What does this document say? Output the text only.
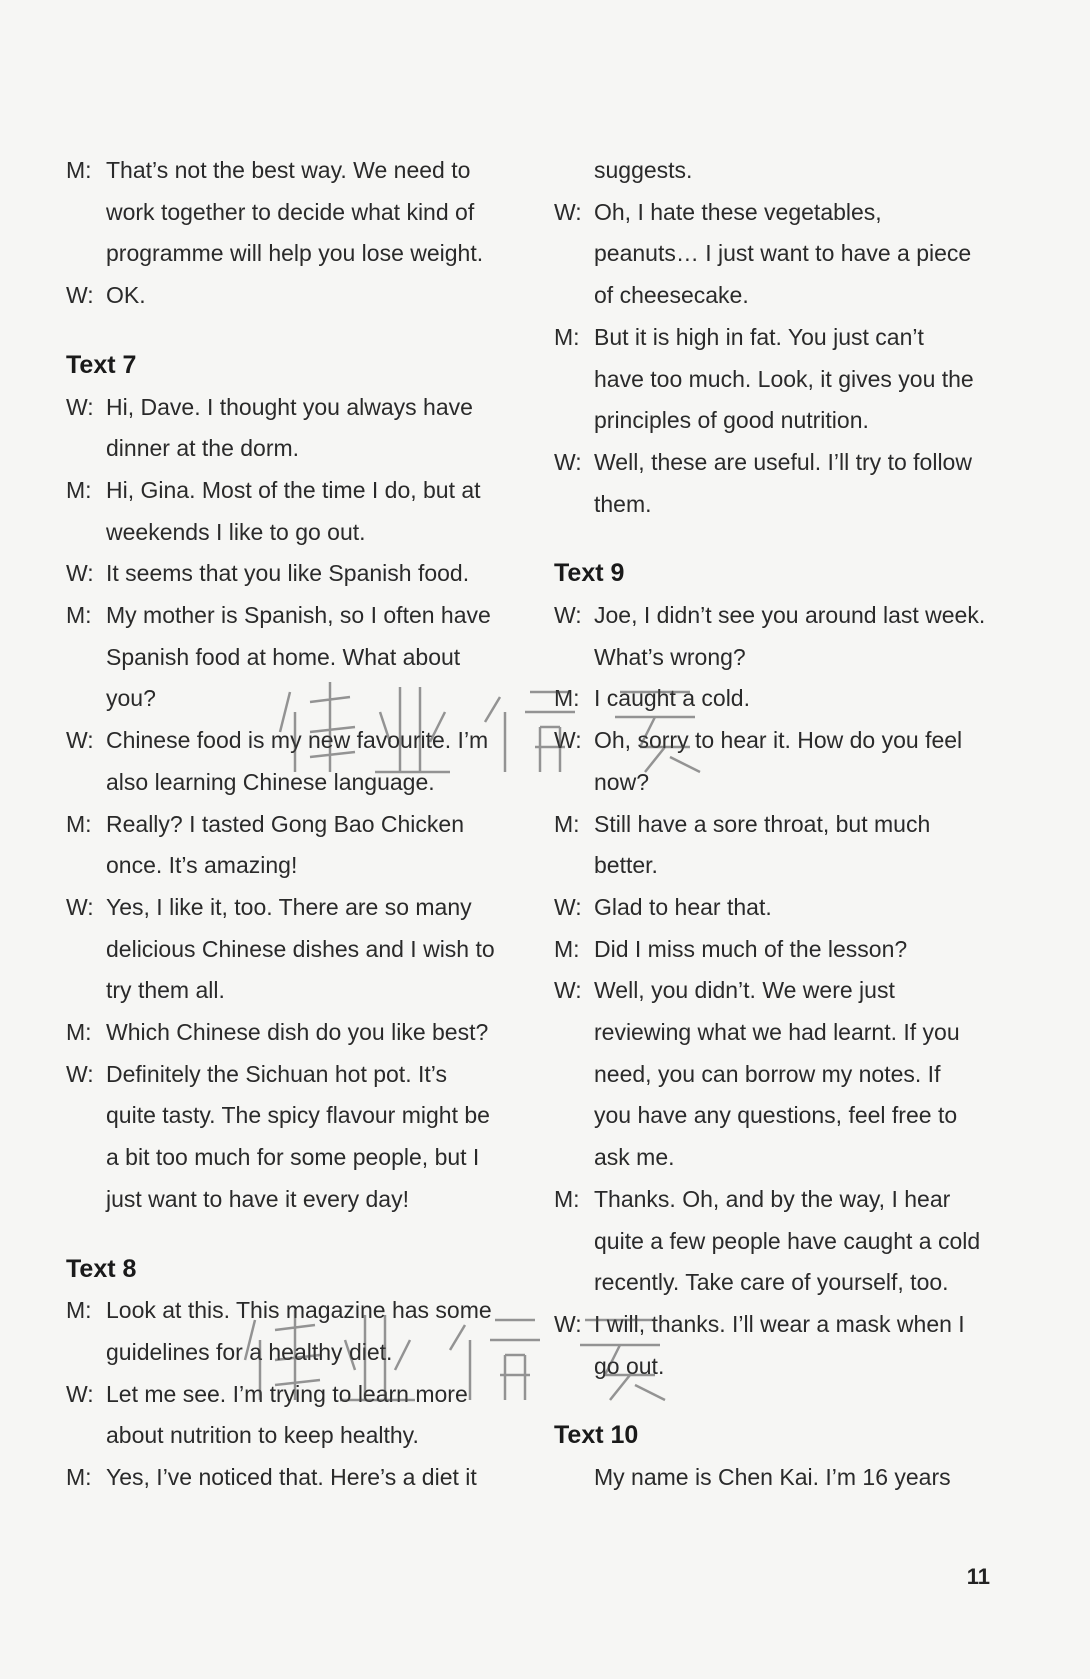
M: That’s not the best way. We need to
work together to decide what kind of
programme will help you lose weight.
W: OK.
Text 7
W: Hi, Dave. I thought you always have
dinner at the dorm.
M: Hi, Gina. Most of the time I do, but at
weekends I like to go out.
W: It seems that you like Spanish food.
M: My mother is Spanish, so I often have
Spanish food at home. What about
you?
W: Chinese food is my new favourite. I’m
also learning Chinese language.
M: Really? I tasted Gong Bao Chicken
once. It’s amazing!
W: Yes, I like it, too. There are so many
delicious Chinese dishes and I wish to
try them all.
M: Which Chinese dish do you like best?
W: Definitely the Sichuan hot pot. It’s
quite tasty. The spicy flavour might be
a bit too much for some people, but I
just want to have it every day!
Text 8
M: Look at this. This magazine has some
guidelines for a healthy diet.
W: Let me see. I’m trying to learn more
about nutrition to keep healthy.
M: Yes, I’ve noticed that. Here’s a diet it
suggests.
W: Oh, I hate these vegetables,
peanuts… I just want to have a piece
of cheesecake.
M: But it is high in fat. You just can’t
have too much. Look, it gives you the
principles of good nutrition.
W: Well, these are useful. I’ll try to follow
them.
Text 9
W: Joe, I didn’t see you around last week.
What’s wrong?
M: I caught a cold.
W: Oh, sorry to hear it. How do you feel
now?
M: Still have a sore throat, but much
better.
W: Glad to hear that.
M: Did I miss much of the lesson?
W: Well, you didn’t. We were just
reviewing what we had learnt. If you
need, you can borrow my notes. If
you have any questions, feel free to
ask me.
M: Thanks. Oh, and by the way, I hear
quite a few people have caught a cold
recently. Take care of yourself, too.
W: I will, thanks. I’ll wear a mask when I
go out.
Text 10
My name is Chen Kai. I’m 16 years
11
